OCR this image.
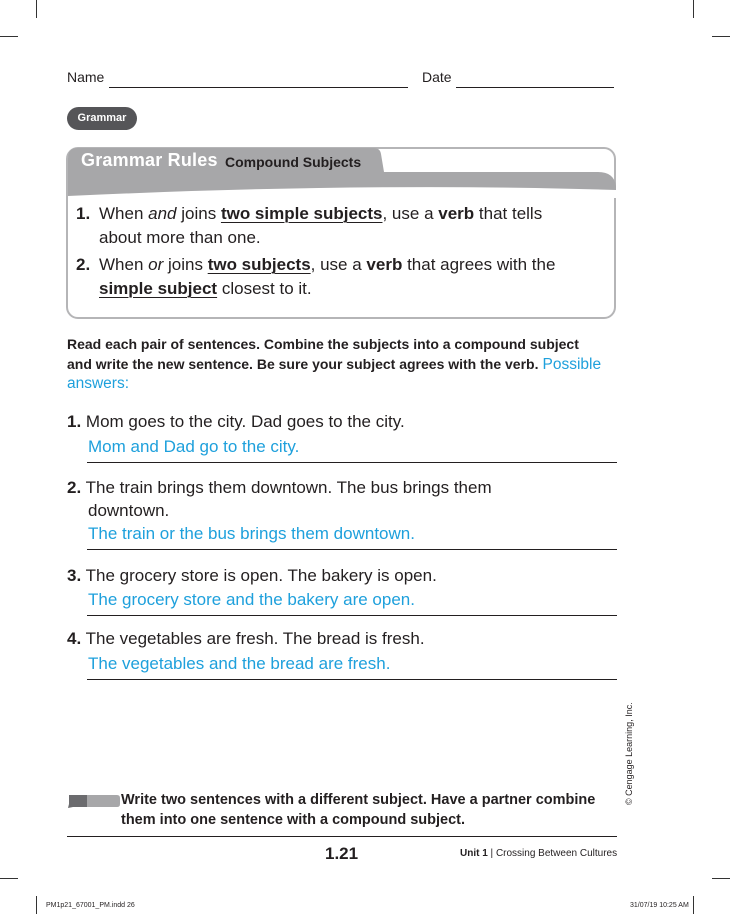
Name	Date
Grammar
Grammar Rules Compound Subjects
1. When and joins two simple subjects, use a verb that tells
about more than one.
2. When or joins two subjects, use a verb that agrees with the
simple subject closest to it.
Read each pair of sentences. Combine the subjects into a compound subject and write the new sentence. Be sure your subject agrees with the verb. Possible answers:
1. Mom goes to the city. Dad goes to the city.
Mom and Dad go to the city.
2. The train brings them downtown. The bus brings them
downtown.
The train or the bus brings them downtown.
3. The grocery store is open. The bakery is open.
The grocery store and the bakery are open.
4. The vegetables are fresh. The bread is fresh.
The vegetables and the bread are fresh.
© Cengage Learning, Inc.
Write two sentences with a different subject. Have a partner combine them into one sentence with a compound subject.
1.21	Unit 1 | Crossing Between Cultures
PM1p21_67001_PM.indd 26	31/07/19 10:25 AM
